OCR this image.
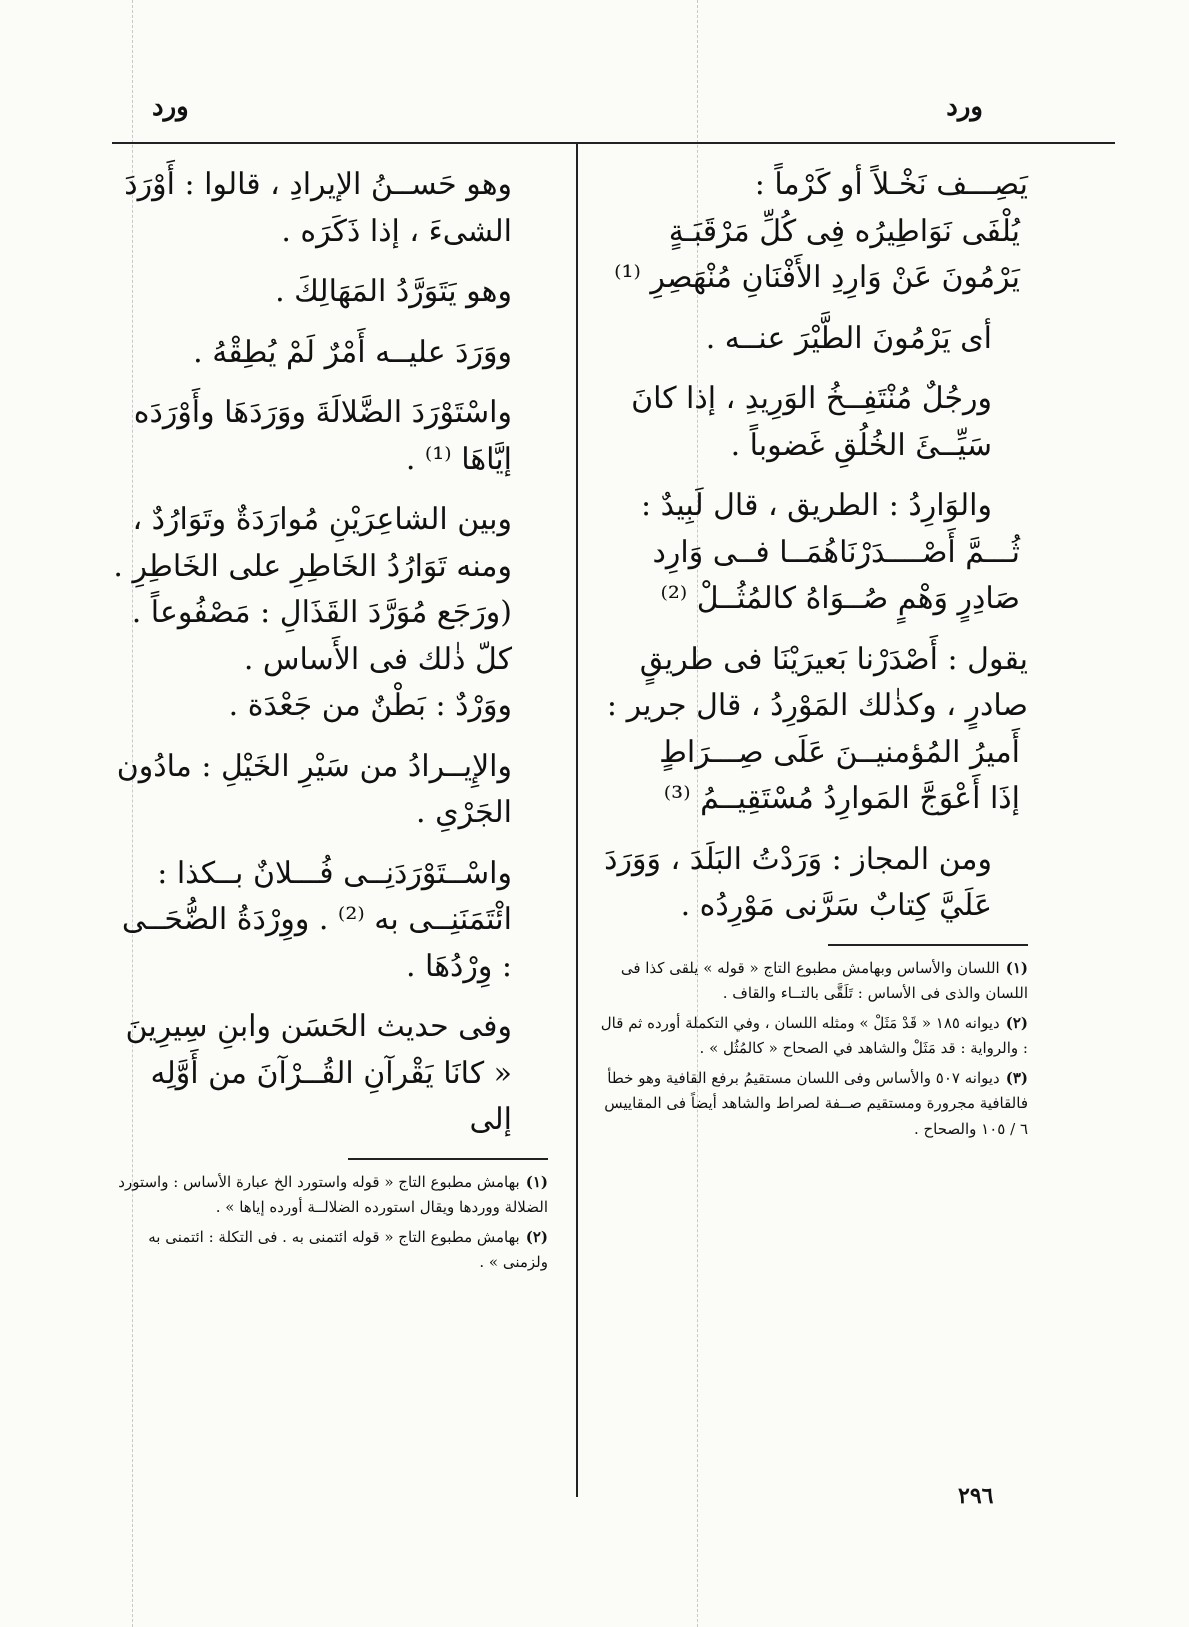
ورد
ورد

يَصِـــف نَخْـلاً أو كَرْماً :

يُلْفَى نَوَاطِيرُه فِى كُلِّ مَرْقَبَـةٍ

يَرْمُونَ عَنْ وَارِدِ الأَفْنَانِ مُنْهَصِرِ ⁽¹⁾

أى يَرْمُونَ الطَّيْرَ عنــه .

ورجُلٌ مُنْتَفِــخُ الوَرِيدِ ، إذا كانَ سَيِّــئَ الخُلُقِ غَضوباً .

والوَارِدُ : الطريق ، قال لَبِيدٌ :

ثُـــمَّ أَصْــــدَرْنَاهُمَــا فــى وَارِد

صَادِرٍ وَهْمٍ صُــوَاهُ كالمُثُــلْ ⁽²⁾

يقول : أَصْدَرْنا بَعيرَيْنَا فى طريقٍ صادرٍ ، وكذٰلك المَوْرِدُ ، قال جرير :

أَميرُ المُؤمنيــنَ عَلَى صِـــرَاطٍ

إذَا أَعْوَجَّ المَوارِدُ مُسْتَقِيــمُ ⁽³⁾

ومن المجاز : وَرَدْتُ البَلَدَ ، وَوَرَدَ عَلَيَّ كِتابٌ سَرَّنى مَوْرِدُه .

(١)اللسان والأساس وبهامش مطبوع التاج « قوله » يلقى كذا فى اللسان والذى فى الأساس : تَلَقَّى بالتــاء والقاف .
(٢)ديوانه ١٨٥ « قَدْ مَثَلْ » ومثله اللسان ، وفي التكملة أورده ثم قال : والرواية : قد مَثَلْ والشاهد في الصحاح « كالمُثُل » .
(٣)ديوانه ٥٠٧ والأساس وفى اللسان مستقيمُ برفع القافية وهو خطأ فالقافية مجرورة ومستقيم صــفة لصراط والشاهد أيضاً فى المقاييس ٦ / ١٠٥ والصحاح .

وهو حَســنُ الإيرادِ ، قالوا : أَوْرَدَ الشىءَ ، إذا ذَكَرَه .

وهو يَتَوَرَّدُ المَهَالِكَ .

ووَرَدَ عليــه أَمْرٌ لَمْ يُطِقْهُ .

واسْتَوْرَدَ الضَّلالَةَ ووَرَدَهَا وأَوْرَدَه إيَّاهَا ⁽¹⁾ .

وبين الشاعِرَيْنِ مُوارَدَةٌ وتَوَارُدٌ ، ومنه تَوَارُدُ الخَاطِرِ على الخَاطِرِ .

(ورَجَع مُوَرَّدَ القَذَالِ : مَصْفُوعاً . كلّ ذٰلك فى الأَساس .

ووَرْدٌ : بَطْنٌ من جَعْدَة .

والإِيــرادُ من سَيْرِ الخَيْلِ : مادُون الجَرْىِ .

واسْــتَوْرَدَنِــى فُـــلانٌ بــكذا : ائْتَمَنَنِــى به ⁽²⁾ . ووِرْدَةُ الضُّحَــى : وِرْدُهَا .

وفى حديث الحَسَن وابنِ سِيرِينَ « كانَا يَقْرآنِ القُــرْآنَ من أَوَّلِه إلى

(١)بهامش مطبوع التاج « قوله واستورد الخ عبارة الأساس : واستورد الضلالة ووردها ويقال استورده الضلالــة أورده إياها » .
(٢)بهامش مطبوع التاج « قوله ائتمنى به . فى التكلة : ائتمنى به ولزمنى » .
٢٩٦
